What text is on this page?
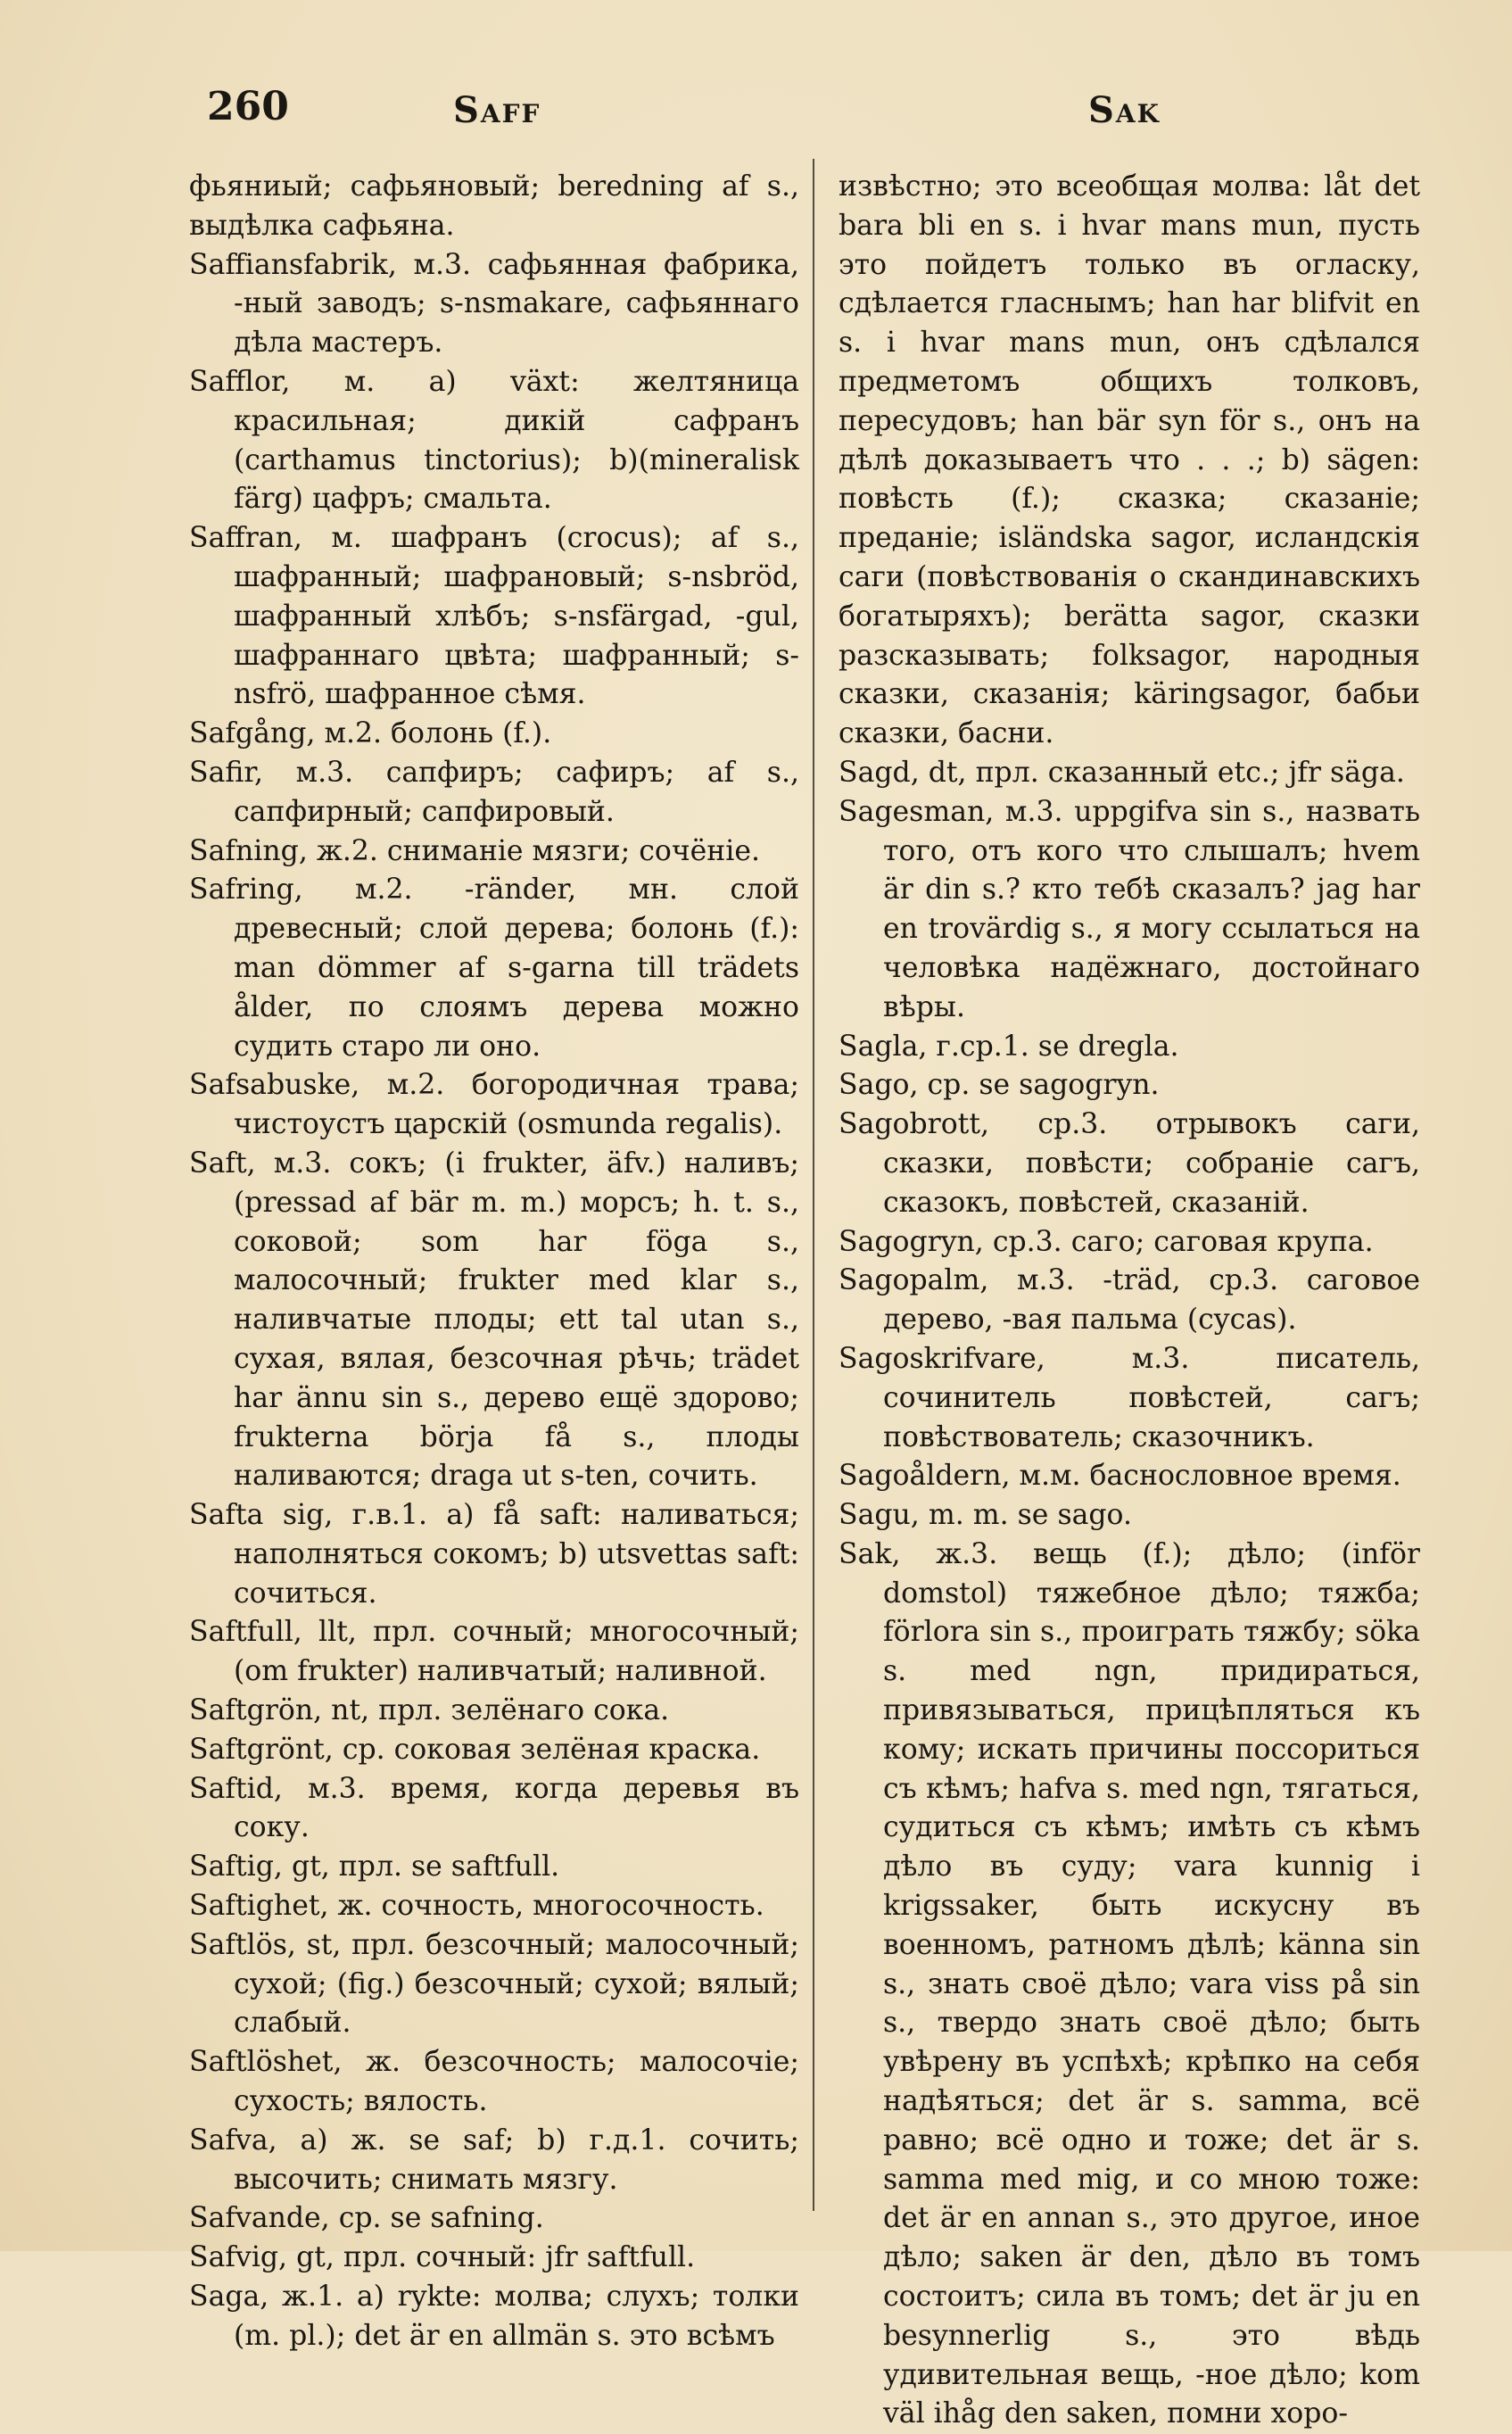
260	Saff	Sak

фьяниый; сафьяновый; beredning af s., выдѣлка сафьяна.

Saffiansfabrik, м.3. сафьянная фабрика, -ный заводъ; s-nsmakare, сафьяннаго дѣла мастеръ.

Safflor, м. а) växt: желтяница красильная; дикій сафранъ (carthamus tinctorius); b)(mineralisk färg) цафръ; смальта.

Saffran, м. шафранъ (crocus); af s., шафранный; шафрановый; s-nsbröd, шафранный хлѣбъ; s-nsfärgad, -gul, шафраннаго цвѣта; шафранный; s-nsfrö, шафранное сѣмя.

Safgång, м.2. болонь (f.).

Safir, м.3. сапфиръ; сафиръ; af s., сапфирный; сапфировый.

Safning, ж.2. сниманіе мязги; сочёніе.

Safring, м.2. -ränder, мн. слой древесный; слой дерева; болонь (f.): man dömmer af s-garna till trädets ålder, по слоямъ дерева можно судить старо ли оно.

Safsabuske, м.2. богородичная трава; чистоустъ царскій (osmunda regalis).

Saft, м.3. сокъ; (i frukter, äfv.) наливъ; (pressad af bär m. m.) морсъ; h. t. s., соковой; som har föga s., малосочный; frukter med klar s., наливчатые плоды; ett tal utan s., сухая, вялая, безсочная рѣчь; trädet har ännu sin s., дерево ещё здорово; frukterna börja få s., плоды наливаются; draga ut s-ten, сочить.

Safta sig, г.в.1. а) få saft: наливаться; наполняться сокомъ; b) utsvettas saft: сочиться.

Saftfull, llt, прл. сочный; многосочный; (om frukter) наливчатый; наливной.

Saftgrön, nt, прл. зелёнаго сока.

Saftgrönt, ср. соковая зелёная краска.

Saftid, м.3. время, когда деревья въ соку.

Saftig, gt, прл. se saftfull.

Saftighet, ж. сочность, многосочность.

Saftlös, st, прл. безсочный; малосочный; сухой; (fig.) безсочный; сухой; вялый; слабый.

Saftlöshet, ж. безсочность; малосочіе; сухость; вялость.

Safva, а) ж. se saf; b) г.д.1. сочить; высочить; снимать мязгу.

Safvande, ср. se safning.

Safvig, gt, прл. сочный: jfr saftfull.

Saga, ж.1. а) rykte: молва; слухъ; толки (m. pl.); det är en allmän s. это всѣмъ

извѣстно; это всеобщая молва: låt det bara bli en s. i hvar mans mun, пусть это пойдетъ только въ огласку, сдѣлается гласнымъ; han har blifvit en s. i hvar mans mun, онъ сдѣлался предметомъ общихъ толковъ, пересудовъ; han bär syn för s., онъ на дѣлѣ доказываетъ что . . .; b) sägen: повѣсть (f.); сказка; сказаніе; преданіе; isländska sagor, исландскія саги (повѣствованія о скандинавскихъ богатыряхъ); berätta sagor, сказки разсказывать; folksagor, народныя сказки, сказанія; käringsagor, бабьи сказки, басни.

Sagd, dt, прл. сказанный etc.; jfr säga.

Sagesman, м.3. uppgifva sin s., назвать того, отъ кого что слышалъ; hvem är din s.? кто тебѣ сказалъ? jag har en trovärdig s., я могу ссылаться на человѣка надёжнаго, достойнаго вѣры.

Sagla, г.ср.1. se dregla.

Sago, ср. se sagogryn.

Sagobrott, ср.3. отрывокъ саги, сказки, повѣсти; собраніе сагъ, сказокъ, повѣстей, сказаній.

Sagogryn, ср.3. саго; саговая крупа.

Sagopalm, м.3. -träd, ср.3. саговое дерево, -вая пальма (cycas).

Sagoskrifvare, м.3. писатель, сочинитель повѣстей, сагъ; повѣствователь; сказочникъ.

Sagoåldern, м.м. баснословное время.

Sagu, m. m. se sago.

Sak, ж.3. вещь (f.); дѣло; (inför domstol) тяжебное дѣло; тяжба; förlora sin s., проиграть тяжбу; söka s. med ngn, придираться, привязываться, прицѣпляться къ кому; искать причины поссориться съ кѣмъ; hafva s. med ngn, тягаться, судиться съ кѣмъ; имѣть съ кѣмъ дѣло въ суду; vara kunnig i krigssaker, быть искусну въ военномъ, ратномъ дѣлѣ; känna sin s., знать своё дѣло; vara viss på sin s., твердо знать своё дѣло; быть увѣрену въ успѣхѣ; крѣпко на себя надѣяться; det är s. samma, всё равно; всё одно и тоже; det är s. samma med mig, и со мною тоже: det är en annan s., это другое, иное дѣло; saken är den, дѣло въ томъ состоитъ; сила въ томъ; det är ju en besynnerlig s., это вѣдь удивительная вещь, -ное дѣло; kom väl ihåg den saken, помни хоро-
